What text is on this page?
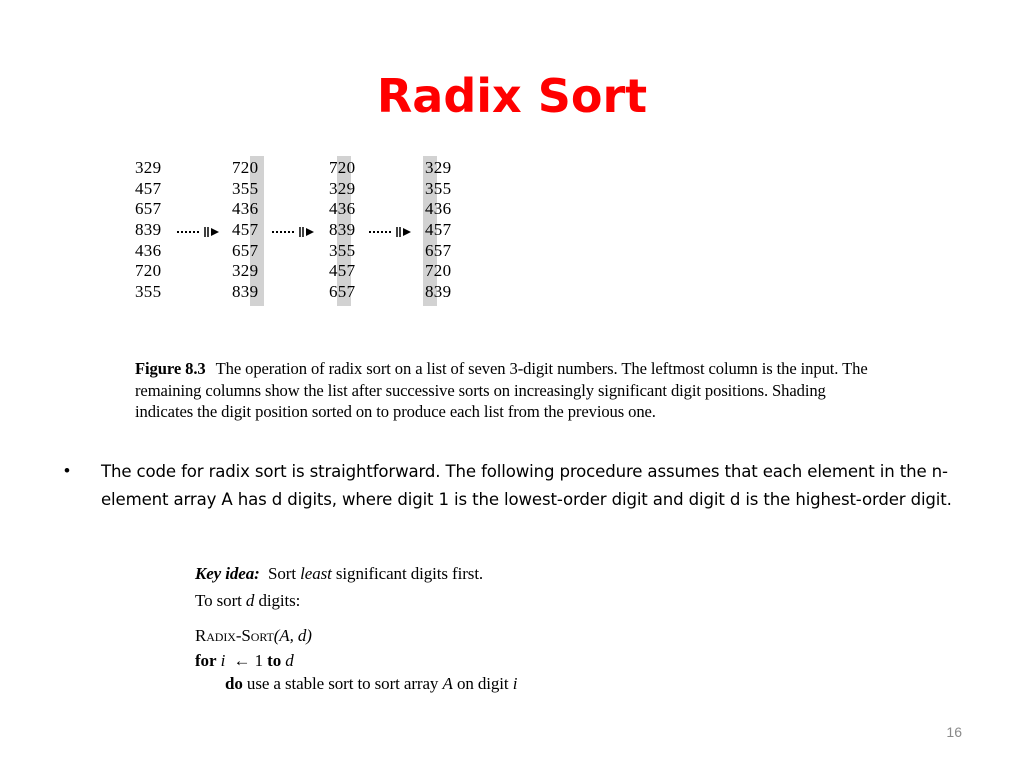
Radix Sort
329
457
657
839
436
720
355
720
355
436
457
657
329
839
720
329
436
839
355
457
657
329
355
436
457
657
720
839
Figure 8.3 The operation of radix sort on a list of seven 3-digit numbers. The leftmost column is the input. The remaining columns show the list after successive sorts on increasingly significant digit positions. Shading indicates the digit position sorted on to produce each list from the previous one.
• The code for radix sort is straightforward. The following procedure assumes that each element in the n-element array A has d digits, where digit 1 is the lowest-order digit and digit d is the highest-order digit.
Key idea: Sort least significant digits first.
To sort d digits:
Radix-Sort(A, d)
for i ← 1 to d
do use a stable sort to sort array A on digit i
16
